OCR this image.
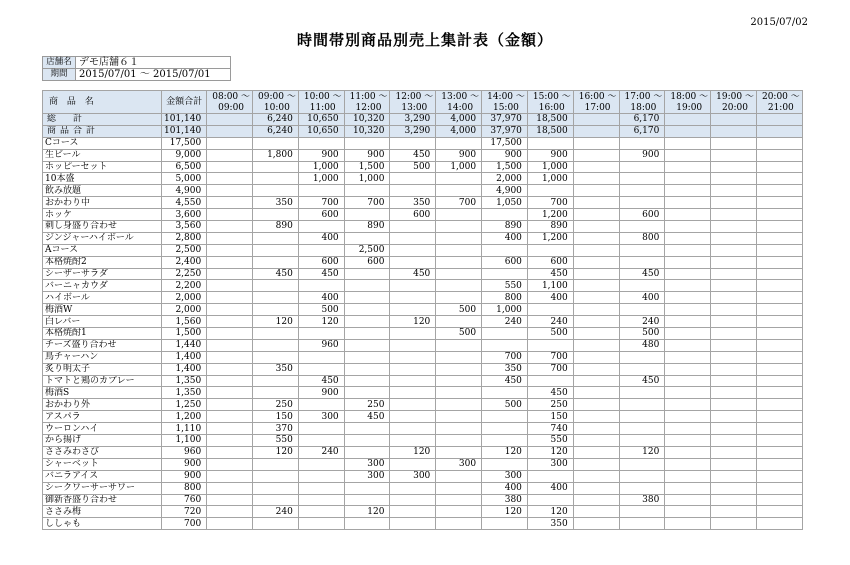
2015/07/02
時間帯別商品別売上集計表（金額）
店舗名	デモ店舗６１
期間	2015/07/01 〜 2015/07/01
商 品 名	金額合計	08:00 〜	09:00 〜	10:00 〜	11:00 〜	12:00 〜	13:00 〜	14:00 〜	15:00 〜	16:00 〜	17:00 〜	18:00 〜	19:00 〜	20:00 〜
		09:00	10:00	11:00	12:00	13:00	14:00	15:00	16:00	17:00	18:00	19:00	20:00	21:00
総　計	101,140		6,240	10,650	10,320	3,290	4,000	37,970	18,500		6,170			
商品合計	101,140		6,240	10,650	10,320	3,290	4,000	37,970	18,500		6,170			
Cコース	17,500							17,500						
生ビール	9,000		1,800	900	900	450	900	900	900		900			
ホッピーセット	6,500			1,000	1,500	500	1,000	1,500	1,000					
10本盛	5,000			1,000	1,000			2,000	1,000					
飲み放題	4,900							4,900						
おかわり中	4,550		350	700	700	350	700	1,050	700					
ホッケ	3,600			600		600			1,200		600			
刺し身盛り合わせ	3,560		890		890			890	890					
ジンジャーハイボール	2,800			400				400	1,200		800			
Aコース	2,500				2,500									
本格焼酎2	2,400			600	600			600	600					
シーザーサラダ	2,250		450	450		450			450		450			
バーニャカウダ	2,200							550	1,100					
ハイボール	2,000			400				800	400		400			
梅酒W	2,000			500			500	1,000						
白レバー	1,560		120	120		120		240	240		240			
本格焼酎1	1,500						500		500		500			
チーズ盛り合わせ	1,440			960							480			
鳥チャーハン	1,400							700	700					
炙り明太子	1,400		350					350	700					
トマトと鶏のカプレー	1,350			450				450			450			
梅酒S	1,350			900					450					
おかわり外	1,250		250		250			500	250					
アスパラ	1,200		150	300	450				150					
ウーロンハイ	1,110		370						740					
から揚げ	1,100		550						550					
ささみわさび	960		120	240		120		120	120		120			
シャーベット	900				300		300		300					
バニラアイス	900				300	300		300						
シークワーサーサワー	800							400	400					
御新香盛り合わせ	760							380			380			
ささみ梅	720		240		120			120	120					
ししゃも	700								350					
